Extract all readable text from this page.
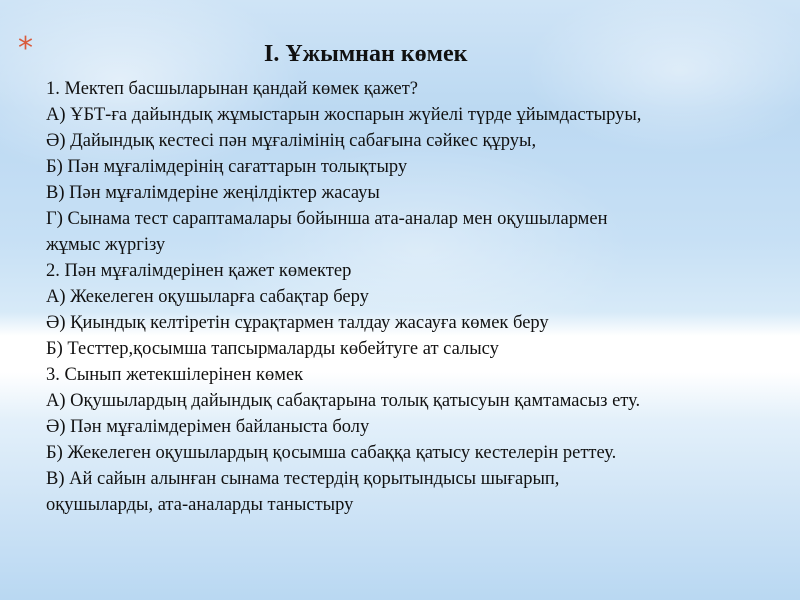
*	I. Ұжымнан көмек
1. Мектеп басшыларынан қандай көмек қажет?
А) ҰБТ-ға дайындық жұмыстарын жоспарын жүйелі түрде ұйымдастыруы,
Ә) Дайындық кестесі пән мұғалімінің сабағына сәйкес құруы,
Б) Пән мұғалімдерінің сағаттарын толықтыру
В) Пән мұғалімдеріне жеңілдіктер жасауы
Г) Сынама тест сараптамалары бойынша ата-аналар мен оқушылармен
жұмыс жүргізу
2. Пән мұғалімдерінен қажет көмектер
А) Жекелеген оқушыларға сабақтар беру
Ә) Қиындық келтіретін сұрақтармен талдау жасауға көмек беру
Б) Тесттер,қосымша тапсырмаларды көбейтуге ат салысу
3. Сынып жетекшілерінен көмек
А) Оқушылардың дайындық сабақтарына толық қатысуын қамтамасыз ету.
Ә) Пән мұғалімдерімен байланыста болу
Б) Жекелеген оқушылардың қосымша сабаққа қатысу кестелерін реттеу.
В) Ай сайын алынған сынама тестердің қорытындысы шығарып,
оқушыларды, ата-аналарды таныстыру
